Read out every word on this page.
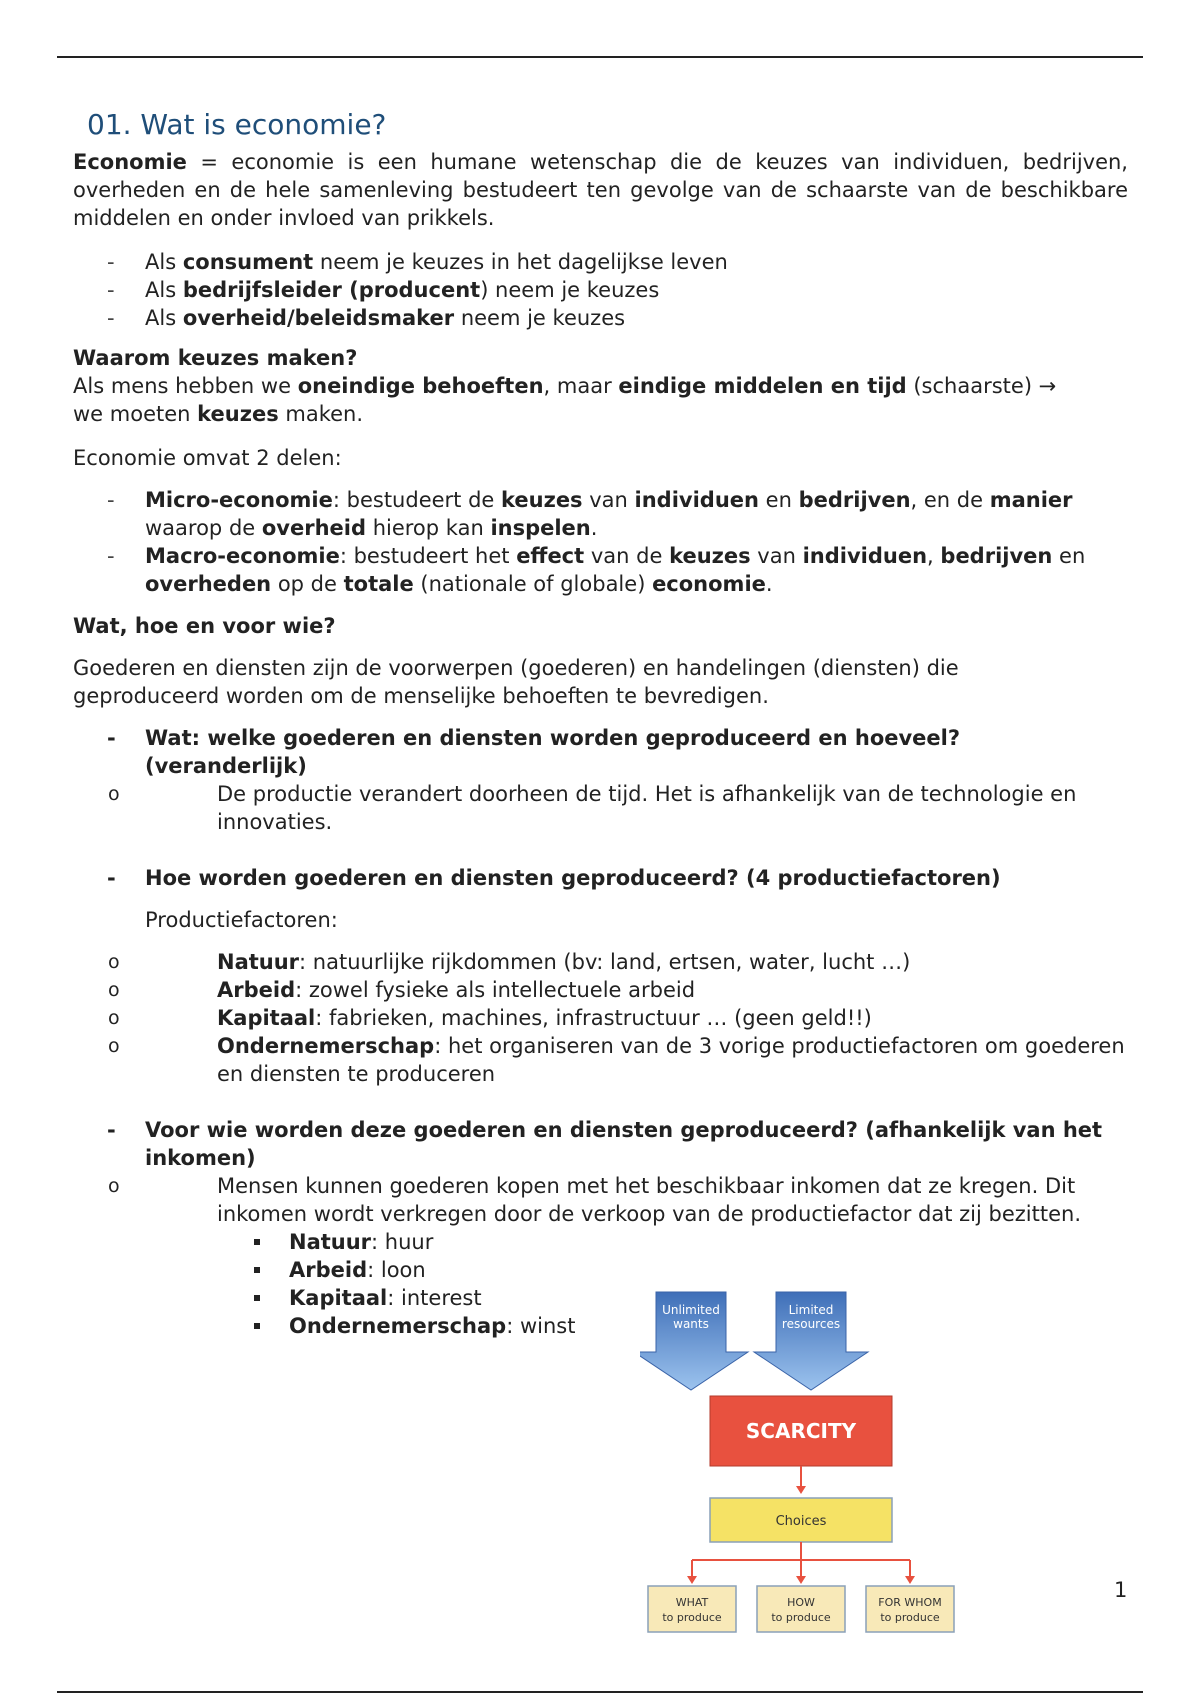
01. Wat is economie?

Economie = economie is een humane wetenschap die de keuzes van individuen, bedrijven, overheden en de hele samenleving bestudeert ten gevolge van de schaarste van de beschikbare middelen en onder invloed van prikkels.

- Als consument neem je keuzes in het dagelijkse leven
- Als bedrijfsleider (producent) neem je keuzes
- Als overheid/beleidsmaker neem je keuzes

Waarom keuzes maken?

Als mens hebben we oneindige behoeften, maar eindige middelen en tijd (schaarste) →
we moeten keuzes maken.

Economie omvat 2 delen:

- Micro-economie: bestudeert de keuzes van individuen en bedrijven, en de manier waarop de overheid hierop kan inspelen.
- Macro-economie: bestudeert het effect van de keuzes van individuen, bedrijven en overheden op de totale (nationale of globale) economie.

Wat, hoe en voor wie?

Goederen en diensten zijn de voorwerpen (goederen) en handelingen (diensten) die geproduceerd worden om de menselijke behoeften te bevredigen.

- Wat: welke goederen en diensten worden geproduceerd en hoeveel? (veranderlijk)
o De productie verandert doorheen de tijd. Het is afhankelijk van de technologie en innovaties.
- Hoe worden goederen en diensten geproduceerd? (4 productiefactoren)

Productiefactoren:

o Natuur: natuurlijke rijkdommen (bv: land, ertsen, water, lucht …)
o Arbeid: zowel fysieke als intellectuele arbeid
o Kapitaal: fabrieken, machines, infrastructuur … (geen geld!!)
o Ondernemerschap: het organiseren van de 3 vorige productiefactoren om goederen en diensten te produceren
- Voor wie worden deze goederen en diensten geproduceerd? (afhankelijk van het inkomen)
o Mensen kunnen goederen kopen met het beschikbaar inkomen dat ze kregen. Dit inkomen wordt verkregen door de verkoop van de productiefactor dat zij bezitten.
Natuur: huur
Arbeid: loon
Kapitaal: interest
Ondernemerschap: winst
Unlimited
wants
Limited
resources
SCARCITY
Choices
WHAT
to produce
HOW
to produce
FOR WHOM
to produce
1
